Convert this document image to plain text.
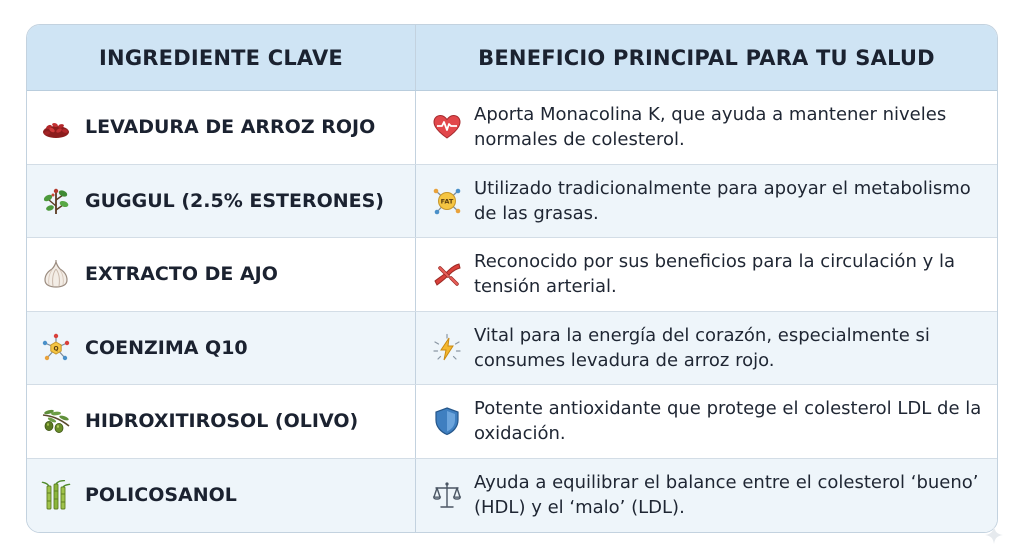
INGREDIENTE CLAVE	BENEFICIO PRINCIPAL PARA TU SALUD
LEVADURA DE ARROZ ROJO
Aporta Monacolina K, que ayuda a mantener niveles normales de colesterol.
GUGGUL (2.5% ESTERONES)	FAT
Utilizado tradicionalmente para apoyar el metabolismo de las grasas.
EXTRACTO DE AJO
Reconocido por sus beneficios para la circulación y la tensión arterial.
Q COENZIMA Q10
Vital para la energía del corazón, especialmente si consumes levadura de arroz rojo.
HIDROXITIROSOL (OLIVO)
Potente antioxidante que protege el colesterol LDL de la oxidación.
POLICOSANOL
Ayuda a equilibrar el balance entre el colesterol ‘bueno’ (HDL) y el ‘malo’ (LDL).
